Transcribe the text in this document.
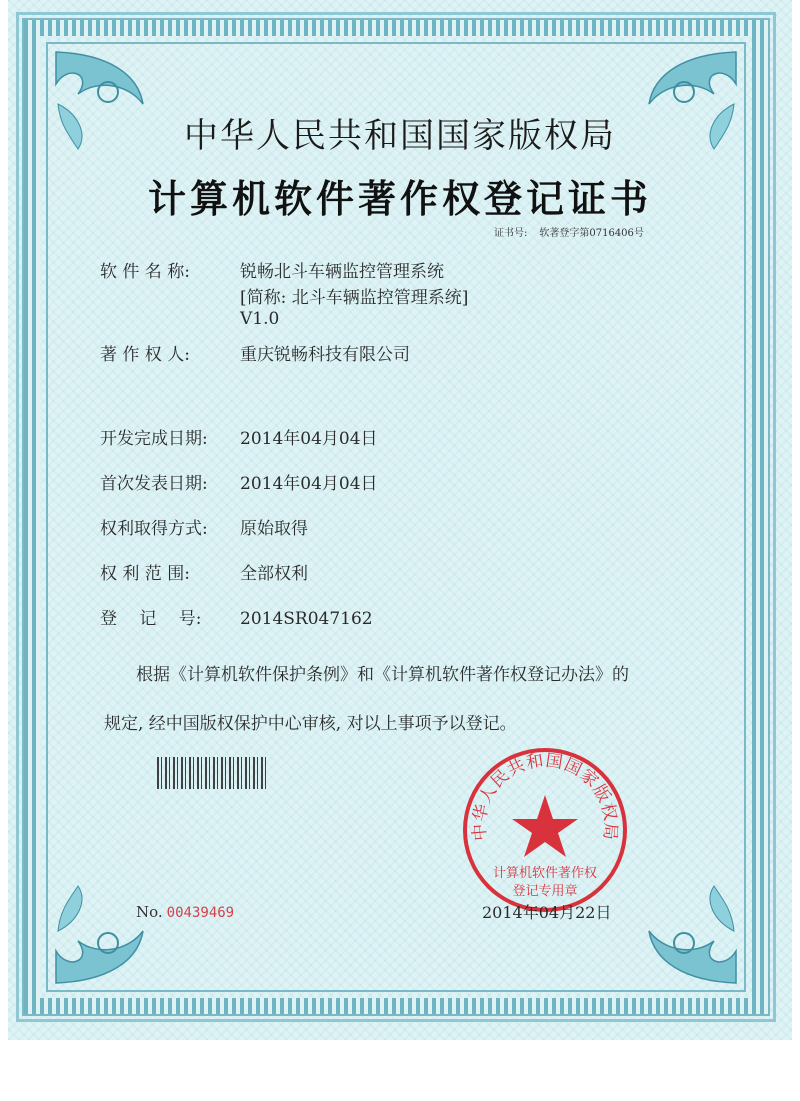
中华人民共和国国家版权局
计算机软件著作权登记证书
证书号: 软著登字第0716406号
软 件 名 称:	锐畅北斗车辆监控管理系统
[简称: 北斗车辆监控管理系统]
V1.0
著 作 权 人:	重庆锐畅科技有限公司
开发完成日期: 2014年04月04日
首次发表日期: 2014年04月04日
权利取得方式: 原始取得
权 利 范 围:	全部权利
登　 记　 号: 2014SR047162
根据《计算机软件保护条例》和《计算机软件著作权登记办法》的
规定, 经中国版权保护中心审核, 对以上事项予以登记。
No. 00439469
中华人民共和国国家版权局
计算机软件著作权
登记专用章
2014年04月22日
